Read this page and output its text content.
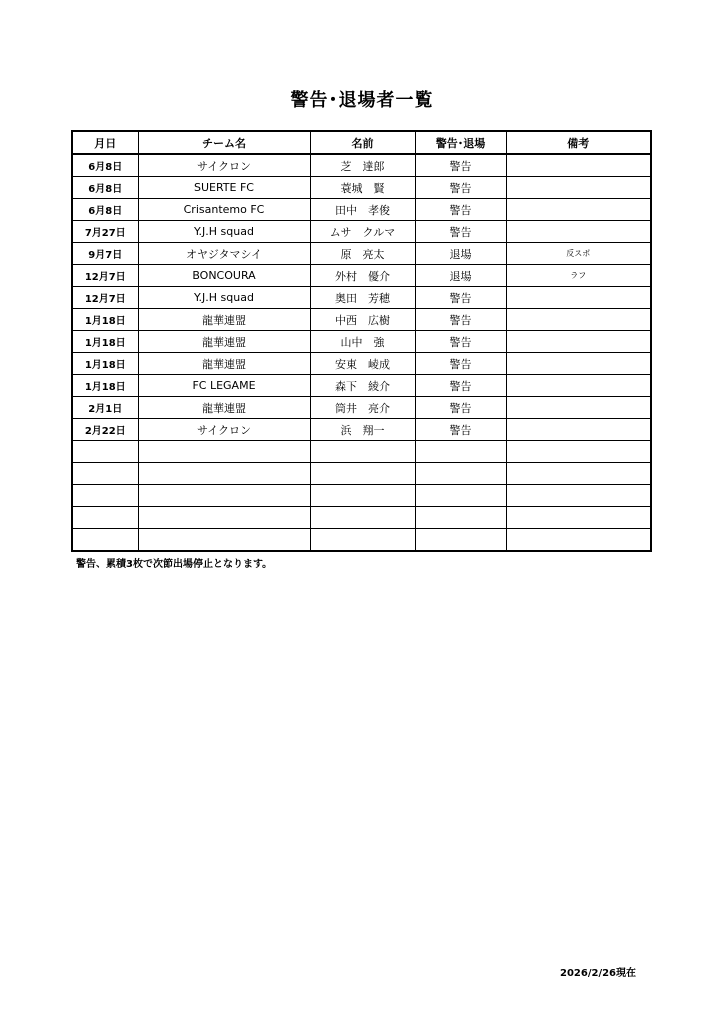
警告･退場者一覧
月日	チーム名	名前	警告･退場	備考
6月8日	サイクロン	芝　達郎	警告	
6月8日	SUERTE FC	蓑城　賢	警告	
6月8日	Crisantemo FC	田中　孝俊	警告	
7月27日	Y.J.H squad	ムサ　クルマ	警告	
9月7日	オヤジタマシイ	原　亮太	退場	反スポ
12月7日	BONCOURA	外村　優介	退場	ラフ
12月7日	Y.J.H squad	奥田　芳穂	警告	
1月18日	龍華連盟	中西　広樹	警告	
1月18日	龍華連盟	山中　強	警告	
1月18日	龍華連盟	安東　崚成	警告	
1月18日	FC LEGAME	森下　綾介	警告	
2月1日	龍華連盟	筒井　亮介	警告	
2月22日	サイクロン	浜　翔一	警告	

警告、累積3枚で次節出場停止となります。
2026/2/26現在
